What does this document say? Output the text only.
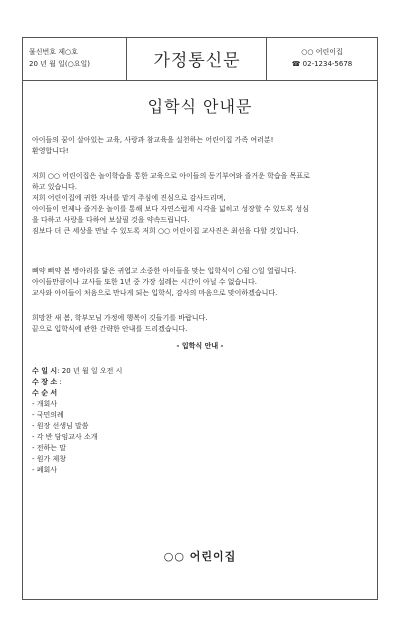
물신번호 제○호
20 년 월 일(○요일)	가정통신문	○○ 어린이집
☎ 02-1234-5678
입학식 안내문
아이들의 꿈이 살아있는 교육, 사랑과 참교육을 실천하는 어린이집 가족 여러분!
환영합니다!
저희 ○○ 어린이집은 놀이학습을 통한 교육으로 아이들의 동기부여와 즐거운 학습을 목표로
하고 있습니다.
저희 어린이집에 귀한 자녀를 맡겨 주심에 진심으로 감사드리며,
아이들이 언제나 즐거운 놀이를 통해 보다 자연스럽게 시각을 넓히고 성장할 수 있도록 성심
을 다하고 사랑을 다하여 보살필 것을 약속드립니다.
짐보다 더 큰 세상을 만날 수 있도록 저희 ○○ 어린이집 교사진은 최선을 다할 것입니다.
삐약 삐약 봄 병아리를 닮은 귀엽고 소중한 아이들을 맞는 입학식이 ○월 ○일 열립니다.
아이들만큼이나 교사들 또한 1년 중 가장 설레는 시간이 아닐 수 없습니다.
교사와 아이들이 처음으로 만나게 되는 입학식, 감사의 마음으로 맞이하겠습니다.
희망찬 새 봄, 학부모님 가정에 행복이 깃들기를 바랍니다.
끝으로 입학식에 관한 간략한 안내를 드리겠습니다.
- 입학식 안내 -
수 일 시: 20 년 월 일 오전 시
수 장 소 :
수 순 서
- 개회사
- 국민의례
- 원장 선생님 말씀
- 각 반 담임교사 소개
- 전하는 말
- 원가 제창
- 폐회사
○○ 어린이집
